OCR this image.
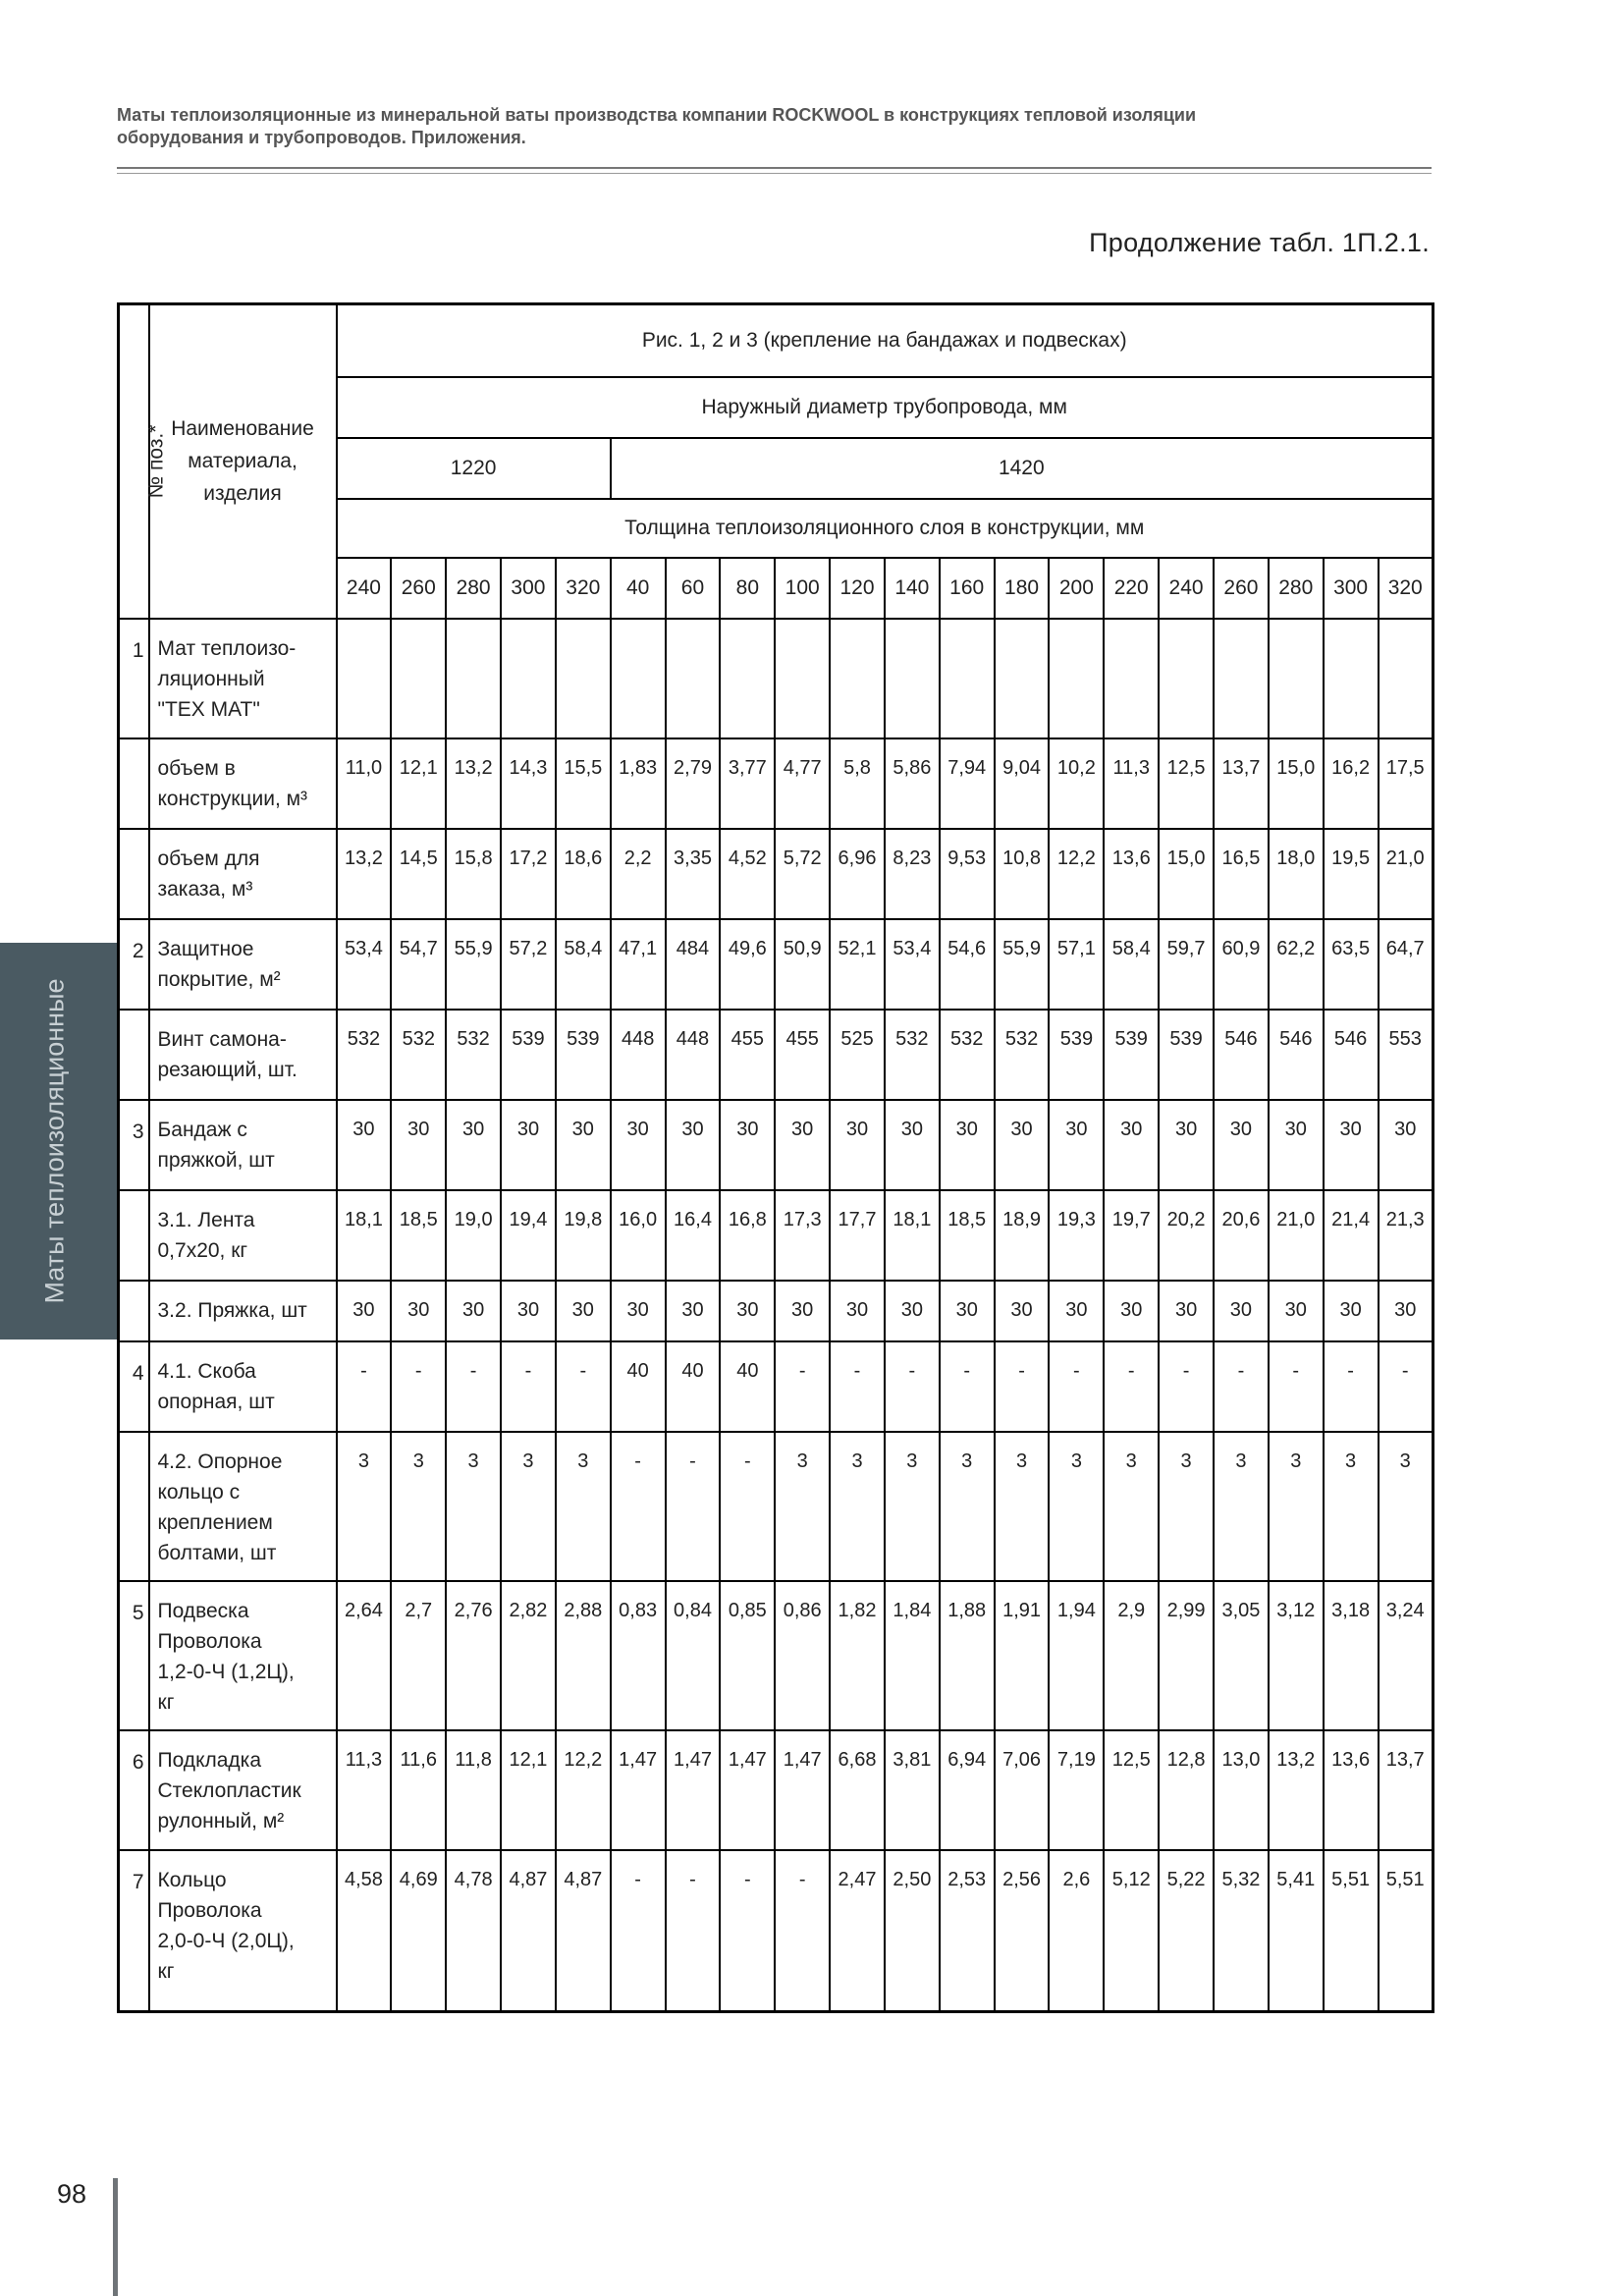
Маты теплоизоляционные из минеральной ваты производства компании ROCKWOOL в конструкциях тепловой изоляции
оборудования и трубопроводов. Приложения.
Продолжение табл. 1П.2.1.
Маты теплоизоляционные
№ поз.*	Наименование материала, изделия	Рис. 1, 2 и 3 (крепление на бандажах и подвесках)																			
		Наружный диаметр трубопровода, мм																			
		1220					1420														
		Толщина теплоизоляционного слоя в конструкции, мм																			
		240	260	280	300	320	40	60	80	100	120	140	160	180	200	220	240	260	280	300	320
1	Мат теплоизо-
ляционный
"ТЕХ МАТ"																				
	объем в
конструкции, м³	11,0	12,1	13,2	14,3	15,5	1,83	2,79	3,77	4,77	5,8	5,86	7,94	9,04	10,2	11,3	12,5	13,7	15,0	16,2	17,5
	объем для
заказа, м³	13,2	14,5	15,8	17,2	18,6	2,2	3,35	4,52	5,72	6,96	8,23	9,53	10,8	12,2	13,6	15,0	16,5	18,0	19,5	21,0
2	Защитное
покрытие, м²	53,4	54,7	55,9	57,2	58,4	47,1	484	49,6	50,9	52,1	53,4	54,6	55,9	57,1	58,4	59,7	60,9	62,2	63,5	64,7
	Винт самона-
резающий, шт.	532	532	532	539	539	448	448	455	455	525	532	532	532	539	539	539	546	546	546	553
3	Бандаж с
пряжкой, шт	30	30	30	30	30	30	30	30	30	30	30	30	30	30	30	30	30	30	30	30
	3.1. Лента
0,7х20, кг	18,1	18,5	19,0	19,4	19,8	16,0	16,4	16,8	17,3	17,7	18,1	18,5	18,9	19,3	19,7	20,2	20,6	21,0	21,4	21,3
	3.2. Пряжка, шт	30	30	30	30	30	30	30	30	30	30	30	30	30	30	30	30	30	30	30	30
4	4.1. Скоба
опорная, шт	-	-	-	-	-	40	40	40	-	-	-	-	-	-	-	-	-	-	-	-
	4.2. Опорное
кольцо с
креплением
болтами, шт	3	3	3	3	3	-	-	-	3	3	3	3	3	3	3	3	3	3	3	3
5	Подвеска
Проволока
1,2-0-Ч (1,2Ц),
кг	2,64	2,7	2,76	2,82	2,88	0,83	0,84	0,85	0,86	1,82	1,84	1,88	1,91	1,94	2,9	2,99	3,05	3,12	3,18	3,24
6	Подкладка
Стеклопластик
рулонный, м²	11,3	11,6	11,8	12,1	12,2	1,47	1,47	1,47	1,47	6,68	3,81	6,94	7,06	7,19	12,5	12,8	13,0	13,2	13,6	13,7
7	Кольцо
Проволока
2,0-0-Ч (2,0Ц),
кг	4,58	4,69	4,78	4,87	4,87	-	-	-	-	2,47	2,50	2,53	2,56	2,6	5,12	5,22	5,32	5,41	5,51	5,51
98
